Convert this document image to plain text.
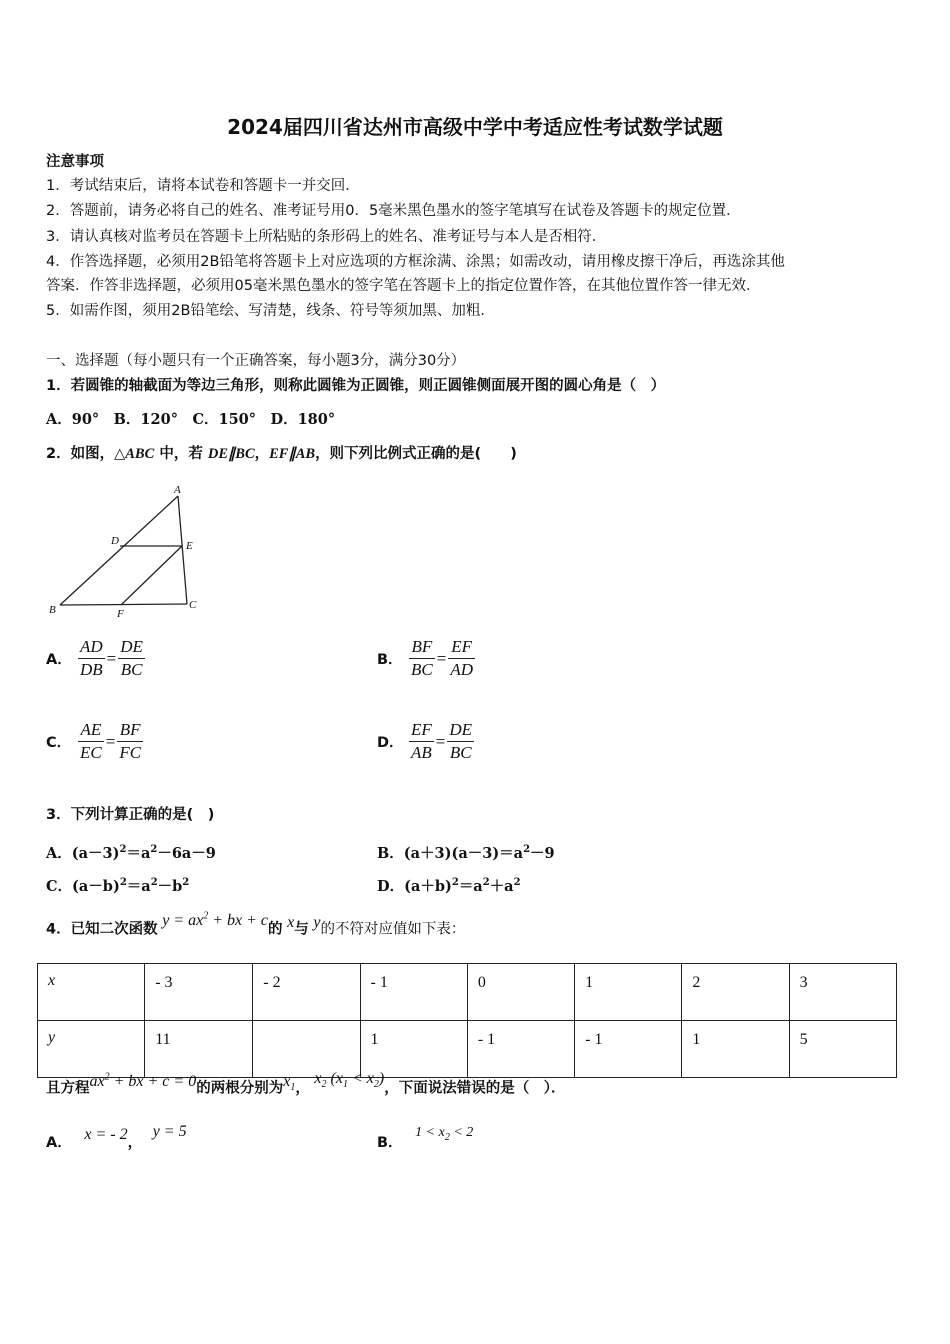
2024届四川省达州市高级中学中考适应性考试数学试题
注意事项
1．考试结束后，请将本试卷和答题卡一并交回．
2．答题前，请务必将自己的姓名、准考证号用0．5毫米黑色墨水的签字笔填写在试卷及答题卡的规定位置．
3．请认真核对监考员在答题卡上所粘贴的条形码上的姓名、准考证号与本人是否相符．
4．作答选择题，必须用2B铅笔将答题卡上对应选项的方框涂满、涂黑；如需改动，请用橡皮擦干净后，再选涂其他
答案．作答非选择题，必须用05毫米黑色墨水的签字笔在答题卡上的指定位置作答，在其他位置作答一律无效．
5．如需作图，须用2B铅笔绘、写清楚，线条、符号等须加黑、加粗．
一、选择题（每小题只有一个正确答案，每小题3分，满分30分）
1．若圆锥的轴截面为等边三角形，则称此圆锥为正圆锥，则正圆锥侧面展开图的圆心角是（　）
A．90°　B．120°　C．150°　D．180°
2．如图，△ABC 中，若 DE∥BC，EF∥AB，则下列比例式正确的是(　　)
A
B	C
D	E
F
A． $\frac{AD}{DB} = \frac{DE}{BC}$	B． $\frac{BF}{BC} = \frac{EF}{AD}$
C． $\frac{AE}{EC} = \frac{BF}{FC}$	D． $\frac{EF}{AB} = \frac{DE}{BC}$
3．下列计算正确的是(　)
A．$(a-3)^2=a^2-6a-9$	B．$(a+3)(a-3)=a^2-9$
C．$(a-b)^2=a^2-b^2$	D．$(a+b)^2=a^2+a^2$
4．已知二次函数 $y = ax^2$ + bx + c的 x与 y的不符对应值如下表：
x	- 3	- 2	- 1	0	1	2	3
y	11		1	- 1	- 1	1	5
且方程$ax^2$ + bx + c = 0的两根分别为$x_1$， $x_2$ $(x_1 < x_2)$，下面说法错误的是（　）．
A． x = - 2， y = 5
B． $1 < x_2 < 2$
